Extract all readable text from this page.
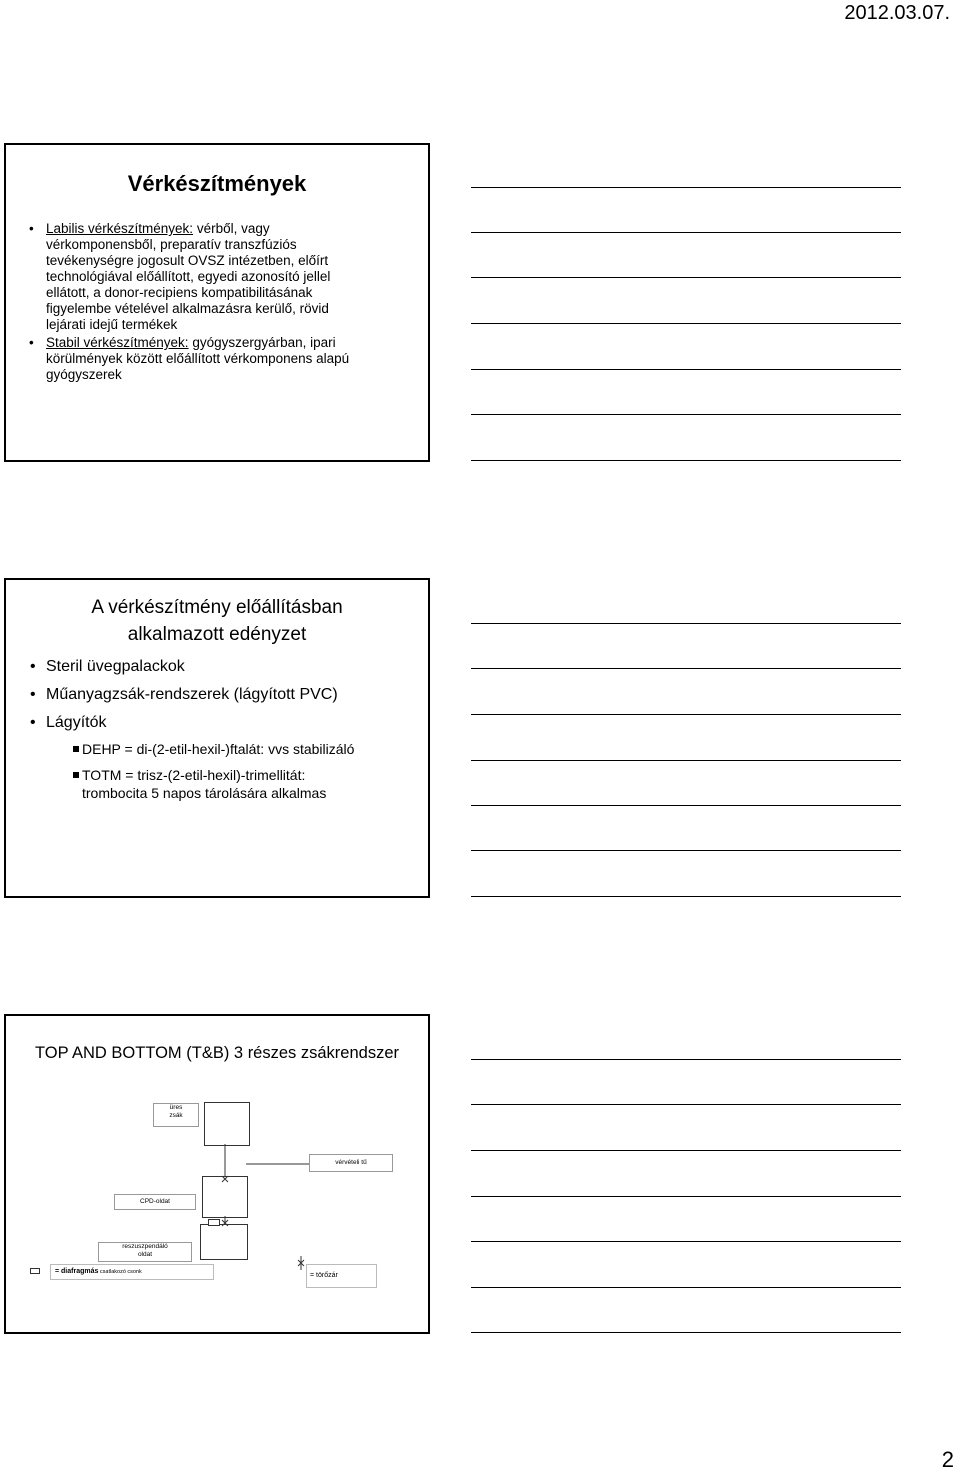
2012.03.07.
Vérkészítmények
• Labilis vérkészítmények: vérből, vagy
vérkomponensből, preparatív transzfúziós
tevékenységre jogosult OVSZ intézetben, előírt
technológiával előállított, egyedi azonosító jellel
ellátott, a donor-recipiens kompatibilitásának
figyelembe vételével alkalmazásra kerülő, rövid
lejárati idejű termékek
• Stabil vérkészítmények: gyógyszergyárban, ipari
körülmények között előállított vérkomponens alapú
gyógyszerek
A vérkészítmény előállításban
alkalmazott edényzet
• Steril üvegpalackok
• Műanyagzsák-rendszerek (lágyított PVC)
• Lágyítók
DEHP = di-(2-etil-hexil-)ftalát: vvs stabilizáló
TOTM = trisz-(2-etil-hexil)-trimellitát:
trombocita 5 napos tárolására alkalmas
TOP AND BOTTOM (T&B) 3 részes zsákrendszer
üres
zsák
vérvételi tű
CPD-oldat
reszuszpendáló
oldat
= diafragmás csatlakozó csonk	= törőzár
2
